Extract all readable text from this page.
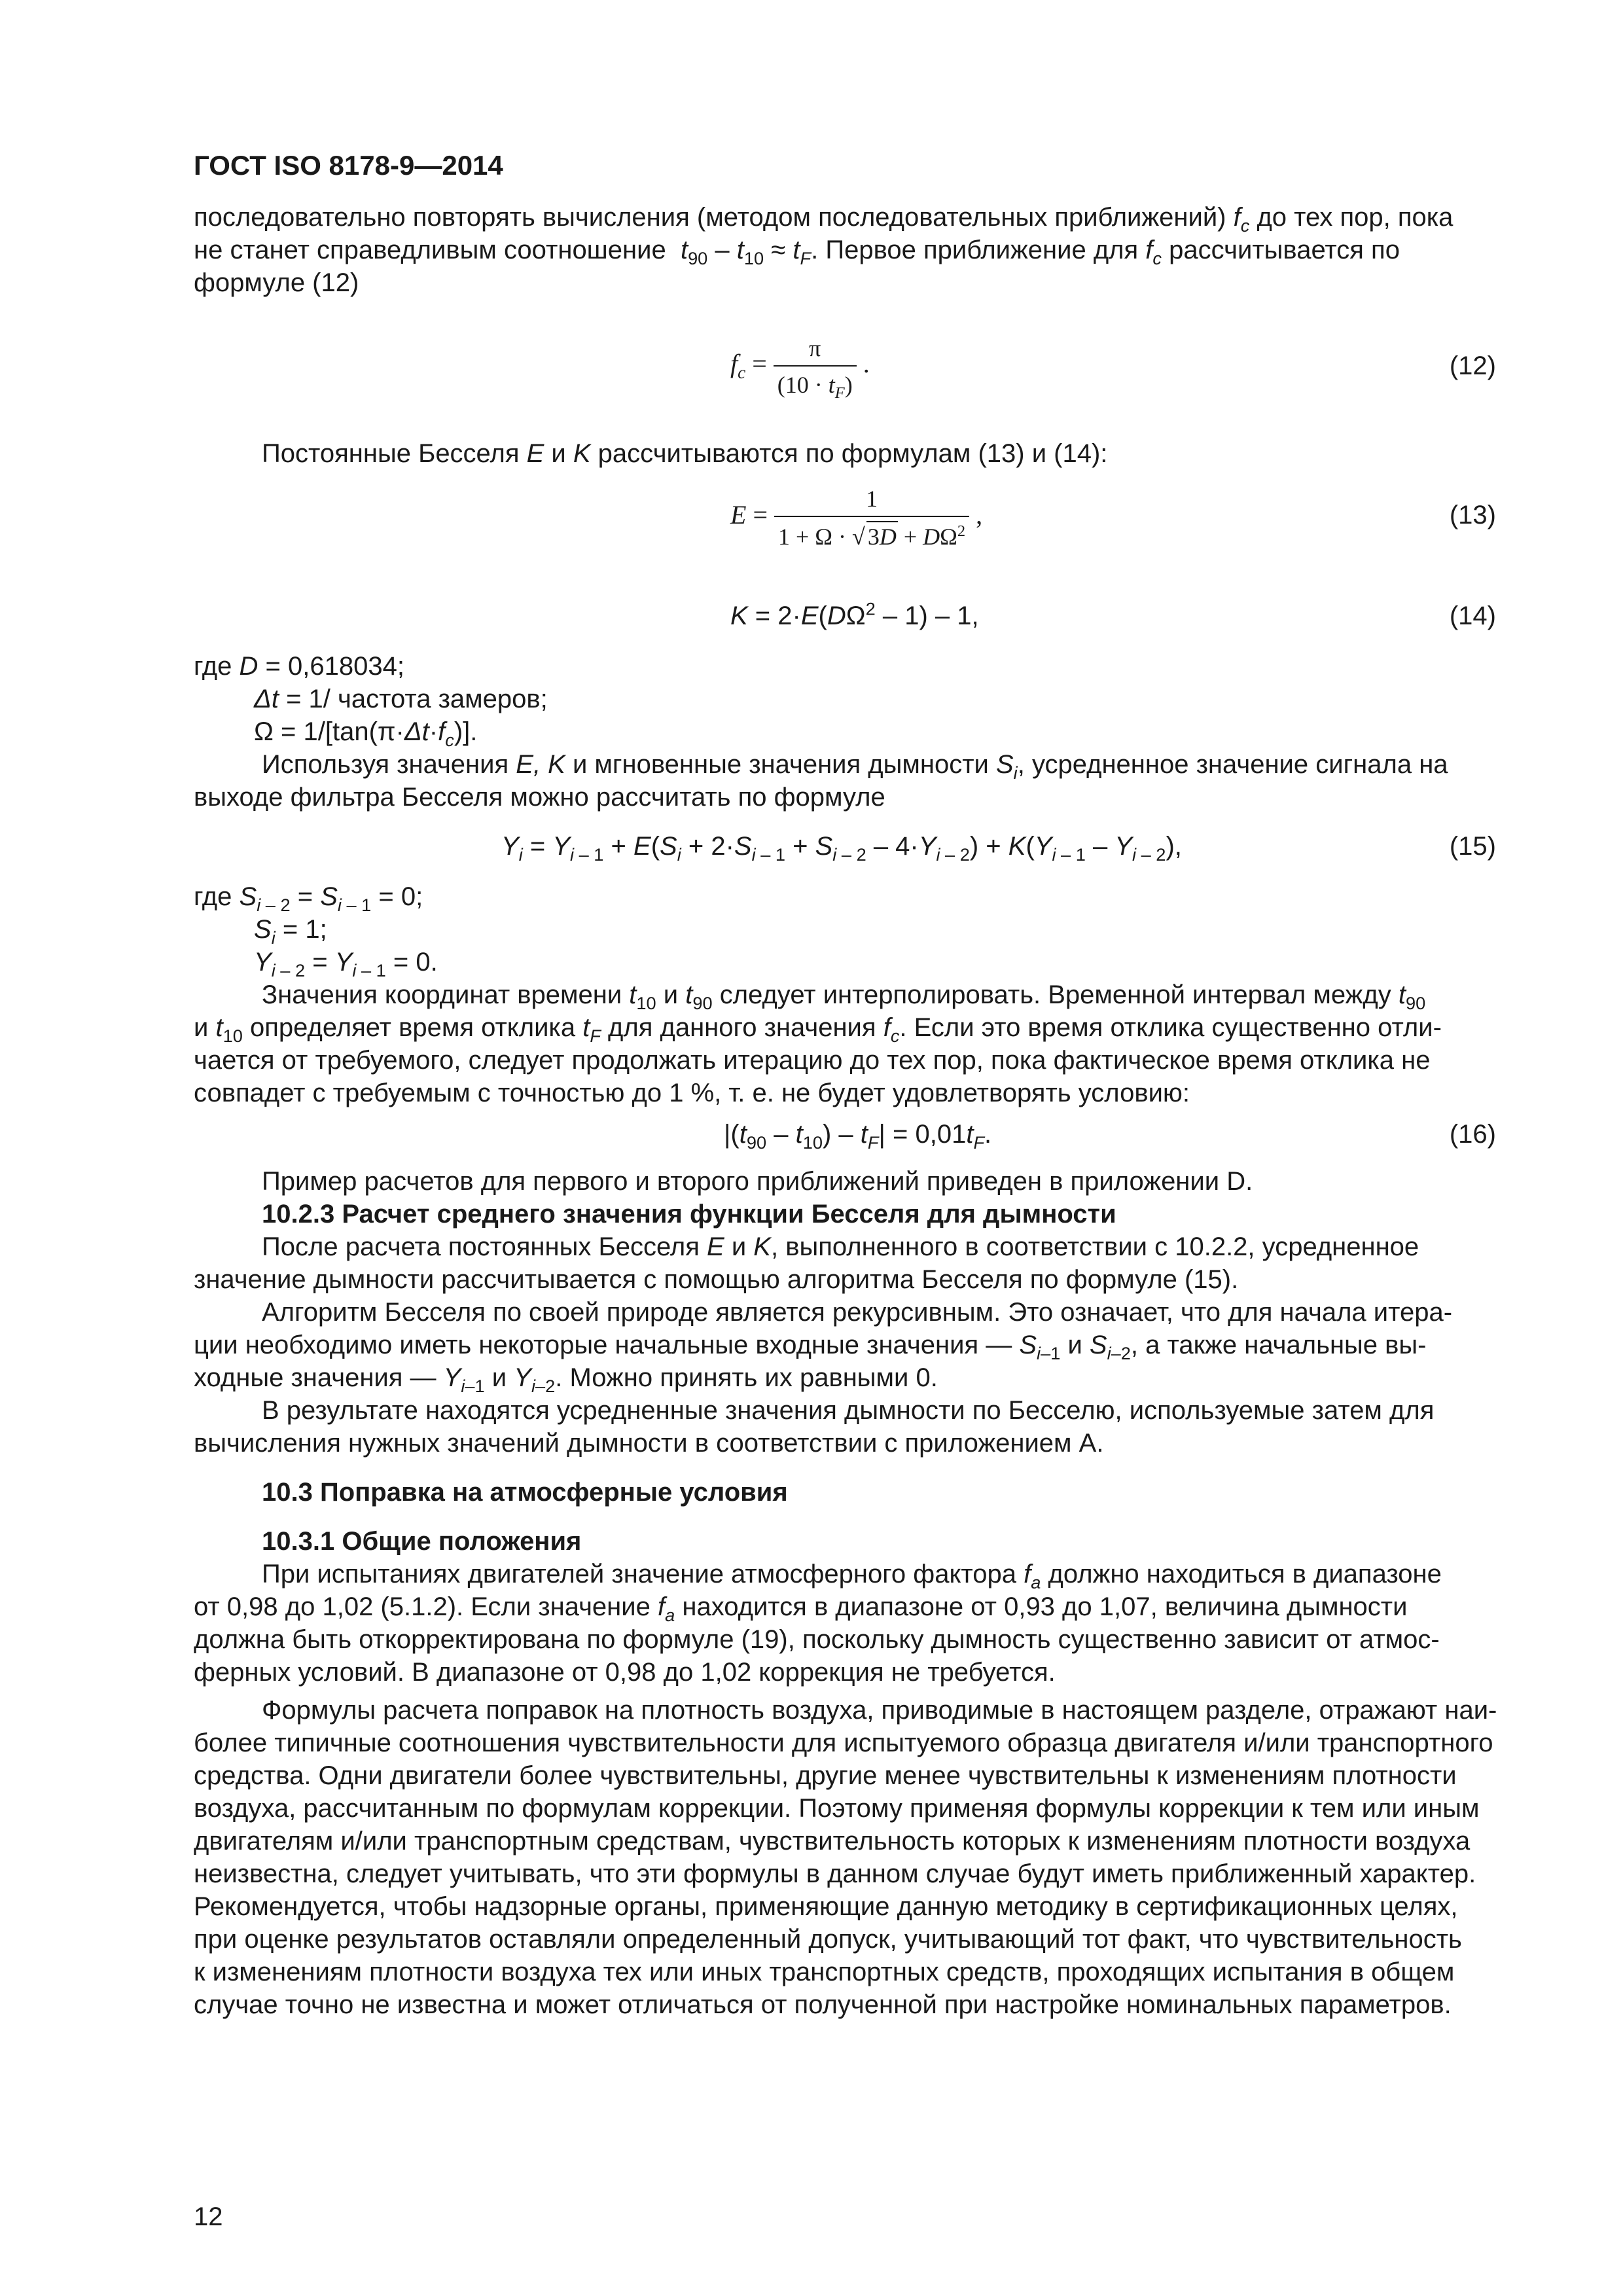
ГОСТ ISO 8178-9—2014
последовательно повторять вычисления (методом последовательных приближений) $f_c$ до тех пор, пока
не станет справедливым соотношение $t_{90} - t_{10} \approx t_F$. Первое приближение для $f_c$ рассчитывается по
формуле (12)
$f_c = \frac{\pi}{(10 \cdot t_F)}$ .	(12)
Постоянные Бесселя E и K рассчитываются по формулам (13) и (14):
$E = \frac{1}{1 + \Omega \cdot √ 3D + D\Omega^2}$ ,	(13)
$K = 2\cdot E(D\Omega^2 - 1) - 1$,	(14)
где D = 0,618034;
Δt = 1/ частота замеров;
$\Omega = 1/[\tan(\pi\cdot\Delta t\cdot f_c)]$.
Используя значения E, K и мгновенные значения дымности $S_i$, усредненное значение сигнала на
выходе фильтра Бесселя можно рассчитать по формуле
$Y_i = Y_{i - 1} + E(S_i + 2\cdot S_{i - 1} + S_{i - 2} - 4\cdot Y_{i - 2}) + K(Y_{i - 1} - Y_{i - 2})$,	(15)
где $S_{i - 2} = S_{i - 1} = 0$;
$S_i = 1$;
$Y_{i - 2} = Y_{i - 1} = 0$.
Значения координат времени $t_{10}$ и $t_{90}$ следует интерполировать. Временной интервал между $t_{90}$
и $t_{10}$ определяет время отклика $t_F$ для данного значения $f_c$. Если это время отклика существенно отли-
чается от требуемого, следует продолжать итерацию до тех пор, пока фактическое время отклика не
совпадет с требуемым с точностью до 1 %, т. е. не будет удовлетворять условию:
$|(t_{90} - t_{10}) - t_F| = 0,01t_F$.	(16)
Пример расчетов для первого и второго приближений приведен в приложении D.
10.2.3 Расчет среднего значения функции Бесселя для дымности
После расчета постоянных Бесселя E и K, выполненного в соответствии с 10.2.2, усредненное
значение дымности рассчитывается с помощью алгоритма Бесселя по формуле (15).
Алгоритм Бесселя по своей природе является рекурсивным. Это означает, что для начала итера-
ции необходимо иметь некоторые начальные входные значения — $S_{i-1}$ и $S_{i-2}$, а также начальные вы-
ходные значения — $Y_{i-1}$ и $Y_{i-2}$. Можно принять их равными 0.
В результате находятся усредненные значения дымности по Бесселю, используемые затем для
вычисления нужных значений дымности в соответствии с приложением А.
10.3 Поправка на атмосферные условия
10.3.1 Общие положения
При испытаниях двигателей значение атмосферного фактора $f_a$ должно находиться в диапазоне
от 0,98 до 1,02 (5.1.2). Если значение $f_a$ находится в диапазоне от 0,93 до 1,07, величина дымности
должна быть откорректирована по формуле (19), поскольку дымность существенно зависит от атмос-
ферных условий. В диапазоне от 0,98 до 1,02 коррекция не требуется.
Формулы расчета поправок на плотность воздуха, приводимые в настоящем разделе, отражают наи-
более типичные соотношения чувствительности для испытуемого образца двигателя и/или транспортного
средства. Одни двигатели более чувствительны, другие менее чувствительны к изменениям плотности
воздуха, рассчитанным по формулам коррекции. Поэтому применяя формулы коррекции к тем или иным
двигателям и/или транспортным средствам, чувствительность которых к изменениям плотности воздуха
неизвестна, следует учитывать, что эти формулы в данном случае будут иметь приближенный характер.
Рекомендуется, чтобы надзорные органы, применяющие данную методику в сертификационных целях,
при оценке результатов оставляли определенный допуск, учитывающий тот факт, что чувствительность
к изменениям плотности воздуха тех или иных транспортных средств, проходящих испытания в общем
случае точно не известна и может отличаться от полученной при настройке номинальных параметров.
12
